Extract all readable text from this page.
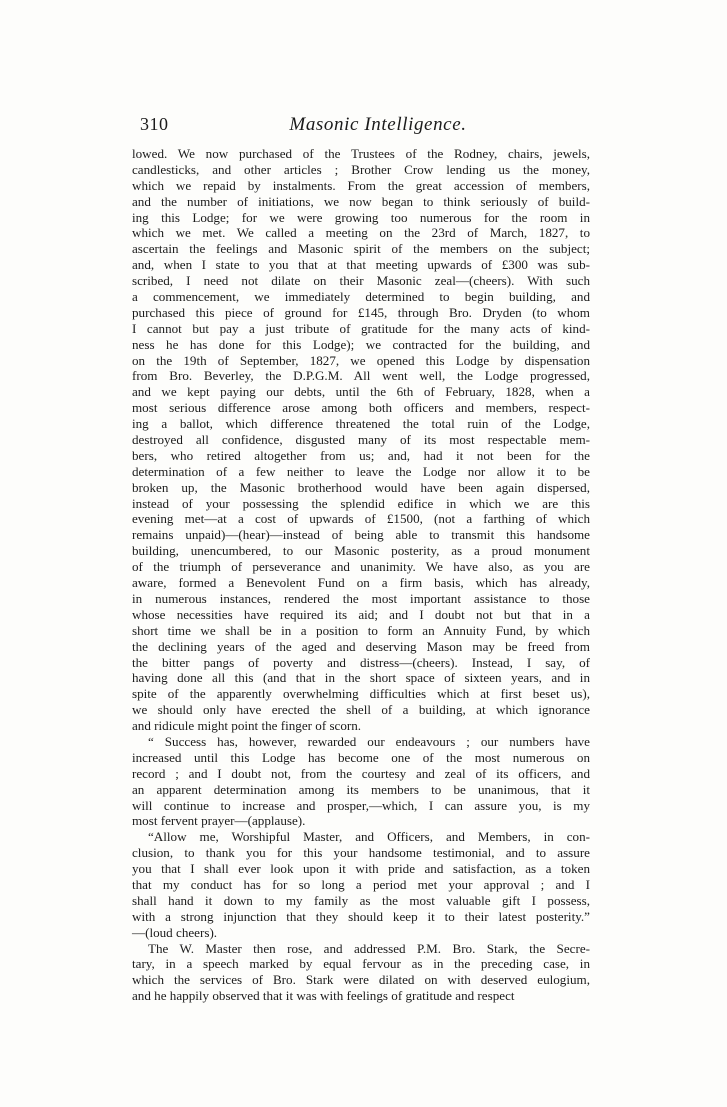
310	Masonic Intelligence.
lowed. We now purchased of the Trustees of the Rodney, chairs, jewels,
candlesticks, and other articles ; Brother Crow lending us the money,
which we repaid by instalments. From the great accession of members,
and the number of initiations, we now began to think seriously of build-
ing this Lodge; for we were growing too numerous for the room in
which we met. We called a meeting on the 23rd of March, 1827, to
ascertain the feelings and Masonic spirit of the members on the subject;
and, when I state to you that at that meeting upwards of £300 was sub-
scribed, I need not dilate on their Masonic zeal—(cheers). With such
a commencement, we immediately determined to begin building, and
purchased this piece of ground for £145, through Bro. Dryden (to whom
I cannot but pay a just tribute of gratitude for the many acts of kind-
ness he has done for this Lodge); we contracted for the building, and
on the 19th of September, 1827, we opened this Lodge by dispensation
from Bro. Beverley, the D.P.G.M. All went well, the Lodge progressed,
and we kept paying our debts, until the 6th of February, 1828, when a
most serious difference arose among both officers and members, respect-
ing a ballot, which difference threatened the total ruin of the Lodge,
destroyed all confidence, disgusted many of its most respectable mem-
bers, who retired altogether from us; and, had it not been for the
determination of a few neither to leave the Lodge nor allow it to be
broken up, the Masonic brotherhood would have been again dispersed,
instead of your possessing the splendid edifice in which we are this
evening met—at a cost of upwards of £1500, (not a farthing of which
remains unpaid)—(hear)—instead of being able to transmit this handsome
building, unencumbered, to our Masonic posterity, as a proud monument
of the triumph of perseverance and unanimity. We have also, as you are
aware, formed a Benevolent Fund on a firm basis, which has already,
in numerous instances, rendered the most important assistance to those
whose necessities have required its aid; and I doubt not but that in a
short time we shall be in a position to form an Annuity Fund, by which
the declining years of the aged and deserving Mason may be freed from
the bitter pangs of poverty and distress—(cheers). Instead, I say, of
having done all this (and that in the short space of sixteen years, and in
spite of the apparently overwhelming difficulties which at first beset us),
we should only have erected the shell of a building, at which ignorance
and ridicule might point the finger of scorn.
“ Success has, however, rewarded our endeavours ; our numbers have
increased until this Lodge has become one of the most numerous on
record ; and I doubt not, from the courtesy and zeal of its officers, and
an apparent determination among its members to be unanimous, that it
will continue to increase and prosper,—which, I can assure you, is my
most fervent prayer—(applause).
“Allow me, Worshipful Master, and Officers, and Members, in con-
clusion, to thank you for this your handsome testimonial, and to assure
you that I shall ever look upon it with pride and satisfaction, as a token
that my conduct has for so long a period met your approval ; and I
shall hand it down to my family as the most valuable gift I possess,
with a strong injunction that they should keep it to their latest posterity.”
—(loud cheers).
The W. Master then rose, and addressed P.M. Bro. Stark, the Secre-
tary, in a speech marked by equal fervour as in the preceding case, in
which the services of Bro. Stark were dilated on with deserved eulogium,
and he happily observed that it was with feelings of gratitude and respect
